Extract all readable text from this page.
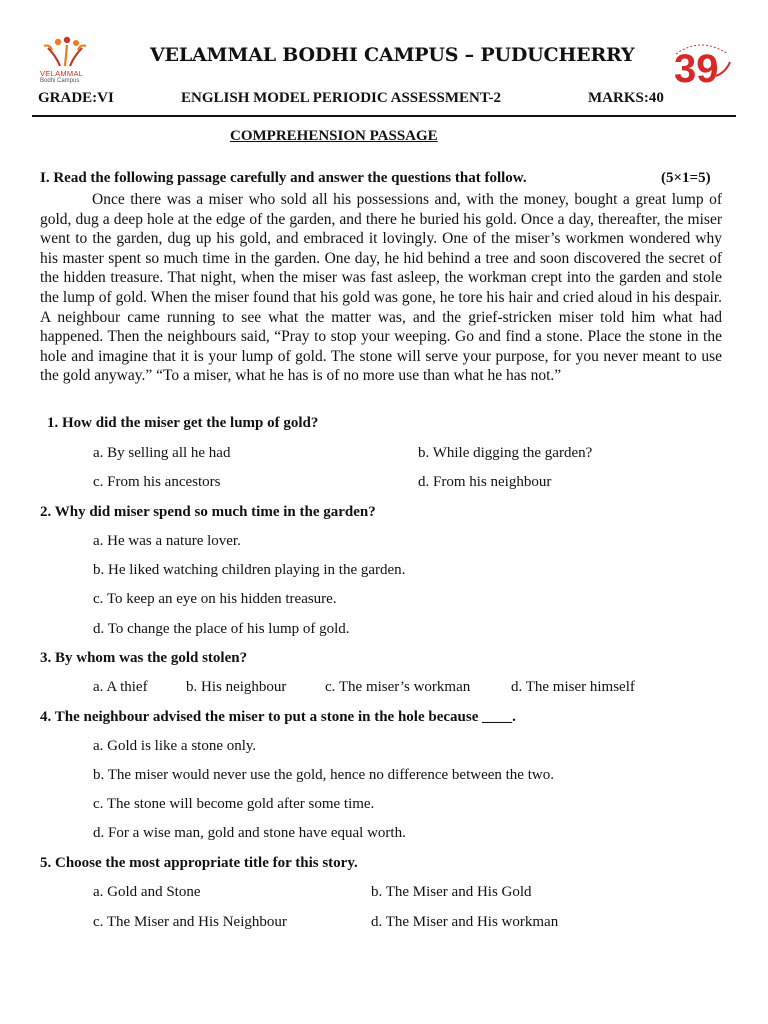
VELAMMAL
Bodhi Campus
VELAMMAL BODHI CAMPUS – PUDUCHERRY 39
GRADE:VI	ENGLISH MODEL PERIODIC ASSESSMENT-2	MARKS:40
COMPREHENSION PASSAGE
I. Read the following passage carefully and answer the questions that follow.	(5×1=5)

Once there was a miser who sold all his possessions and, with the money, bought a great lump of gold, dug a deep hole at the edge of the garden, and there he buried his gold. Once a day, thereafter, the miser went to the garden, dug up his gold, and embraced it lovingly. One of the miser’s workmen wondered why his master spent so much time in the garden. One day, he hid behind a tree and soon discovered the secret of the hidden treasure. That night, when the miser was fast asleep, the workman crept into the garden and stole the lump of gold. When the miser found that his gold was gone, he tore his hair and cried aloud in his despair. A neighbour came running to see what the matter was, and the grief-stricken miser told him what had happened. Then the neighbours said, “Pray to stop your weeping. Go and find a stone. Place the stone in the hole and imagine that it is your lump of gold. The stone will serve your purpose, for you never meant to use the gold anyway.” “To a miser, what he has is of no more use than what he has not.”

1. How did the miser get the lump of gold?
a. By selling all he had	b. While digging the garden?
c. From his ancestors	d. From his neighbour
2. Why did miser spend so much time in the garden?
a. He was a nature lover.
b. He liked watching children playing in the garden.
c. To keep an eye on his hidden treasure.
d. To change the place of his lump of gold.
3. By whom was the gold stolen?
a. A thief	b. His neighbour	c. The miser’s workman	d. The miser himself
4. The neighbour advised the miser to put a stone in the hole because ____.
a. Gold is like a stone only.
b. The miser would never use the gold, hence no difference between the two.
c. The stone will become gold after some time.
d. For a wise man, gold and stone have equal worth.
5. Choose the most appropriate title for this story.
a. Gold and Stone	b. The Miser and His Gold
c. The Miser and His Neighbour	d. The Miser and His workman
